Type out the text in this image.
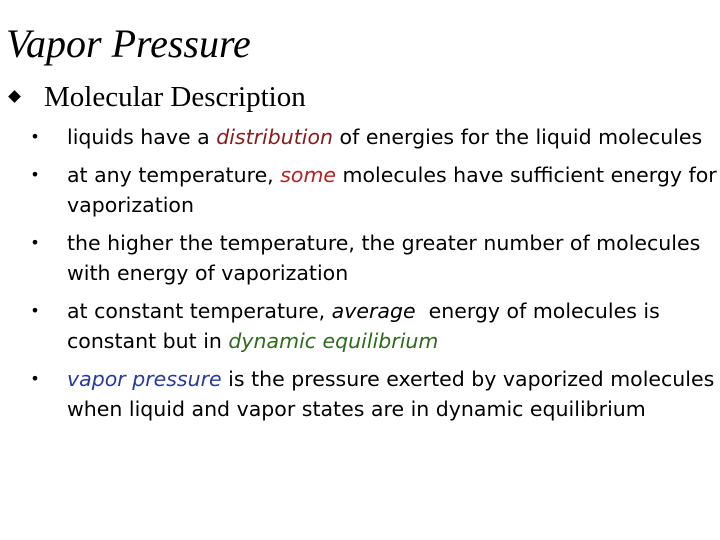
Vapor Pressure
Molecular Description
• liquids have a distribution of energies for the liquid molecules
• at any temperature, some molecules have sufficient energy for vaporization
• the higher the temperature, the greater number of molecules with energy of vaporization
• at constant temperature, average  energy of molecules is constant but in dynamic equilibrium
• vapor pressure is the pressure exerted by vaporized molecules when liquid and vapor states are in dynamic equilibrium
